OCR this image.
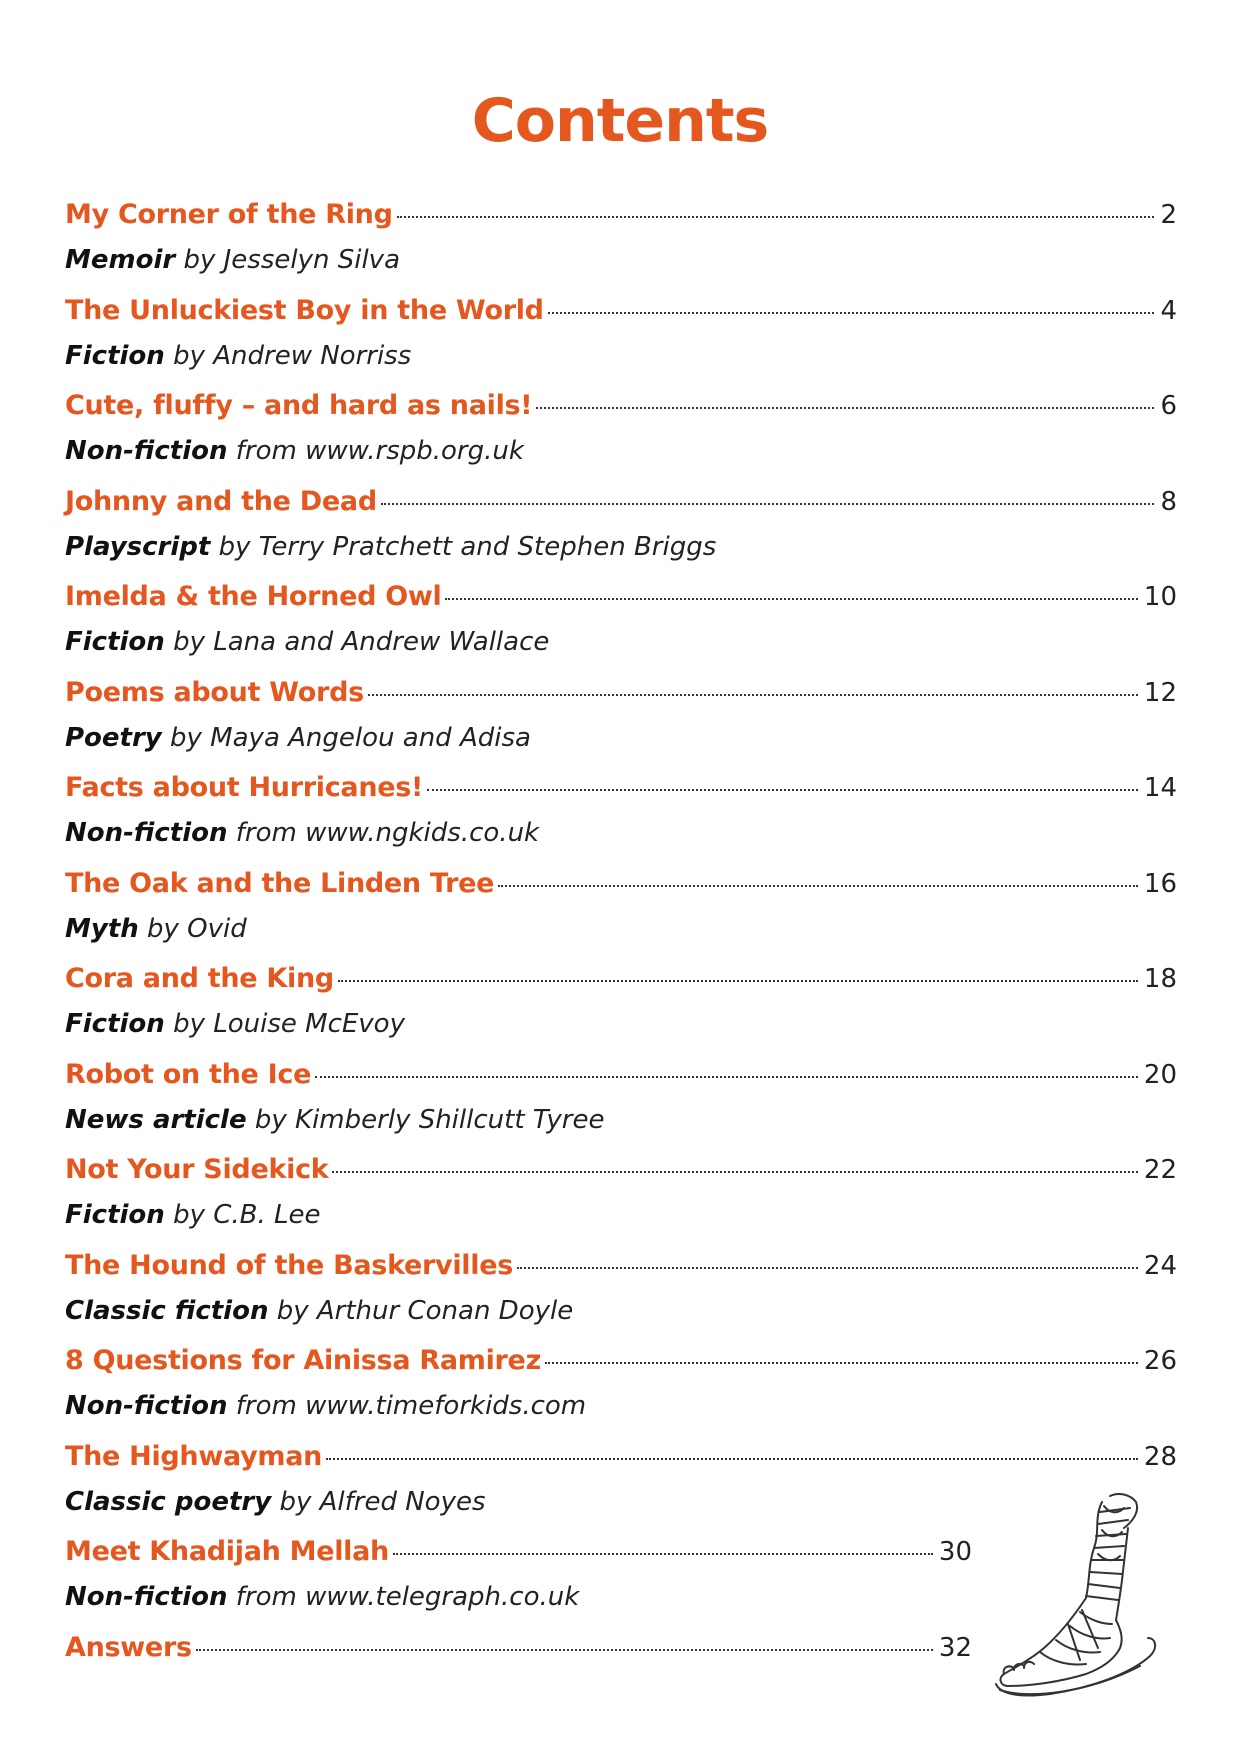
Contents
My Corner of the Ring	2
Memoir by Jesselyn Silva
The Unluckiest Boy in the World	4
Fiction by Andrew Norriss
Cute, fluffy – and hard as nails!	6
Non-fiction from www.rspb.org.uk
Johnny and the Dead	8
Playscript by Terry Pratchett and Stephen Briggs
Imelda & the Horned Owl	10
Fiction by Lana and Andrew Wallace
Poems about Words	12
Poetry by Maya Angelou and Adisa
Facts about Hurricanes!	14
Non-fiction from www.ngkids.co.uk
The Oak and the Linden Tree	16
Myth by Ovid
Cora and the King	18
Fiction by Louise McEvoy
Robot on the Ice	20
News article by Kimberly Shillcutt Tyree
Not Your Sidekick	22
Fiction by C.B. Lee
The Hound of the Baskervilles	24
Classic fiction by Arthur Conan Doyle
8 Questions for Ainissa Ramirez	26
Non-fiction from www.timeforkids.com
The Highwayman	28
Classic poetry by Alfred Noyes
Meet Khadijah Mellah	30
Non-fiction from www.telegraph.co.uk
Answers	32
